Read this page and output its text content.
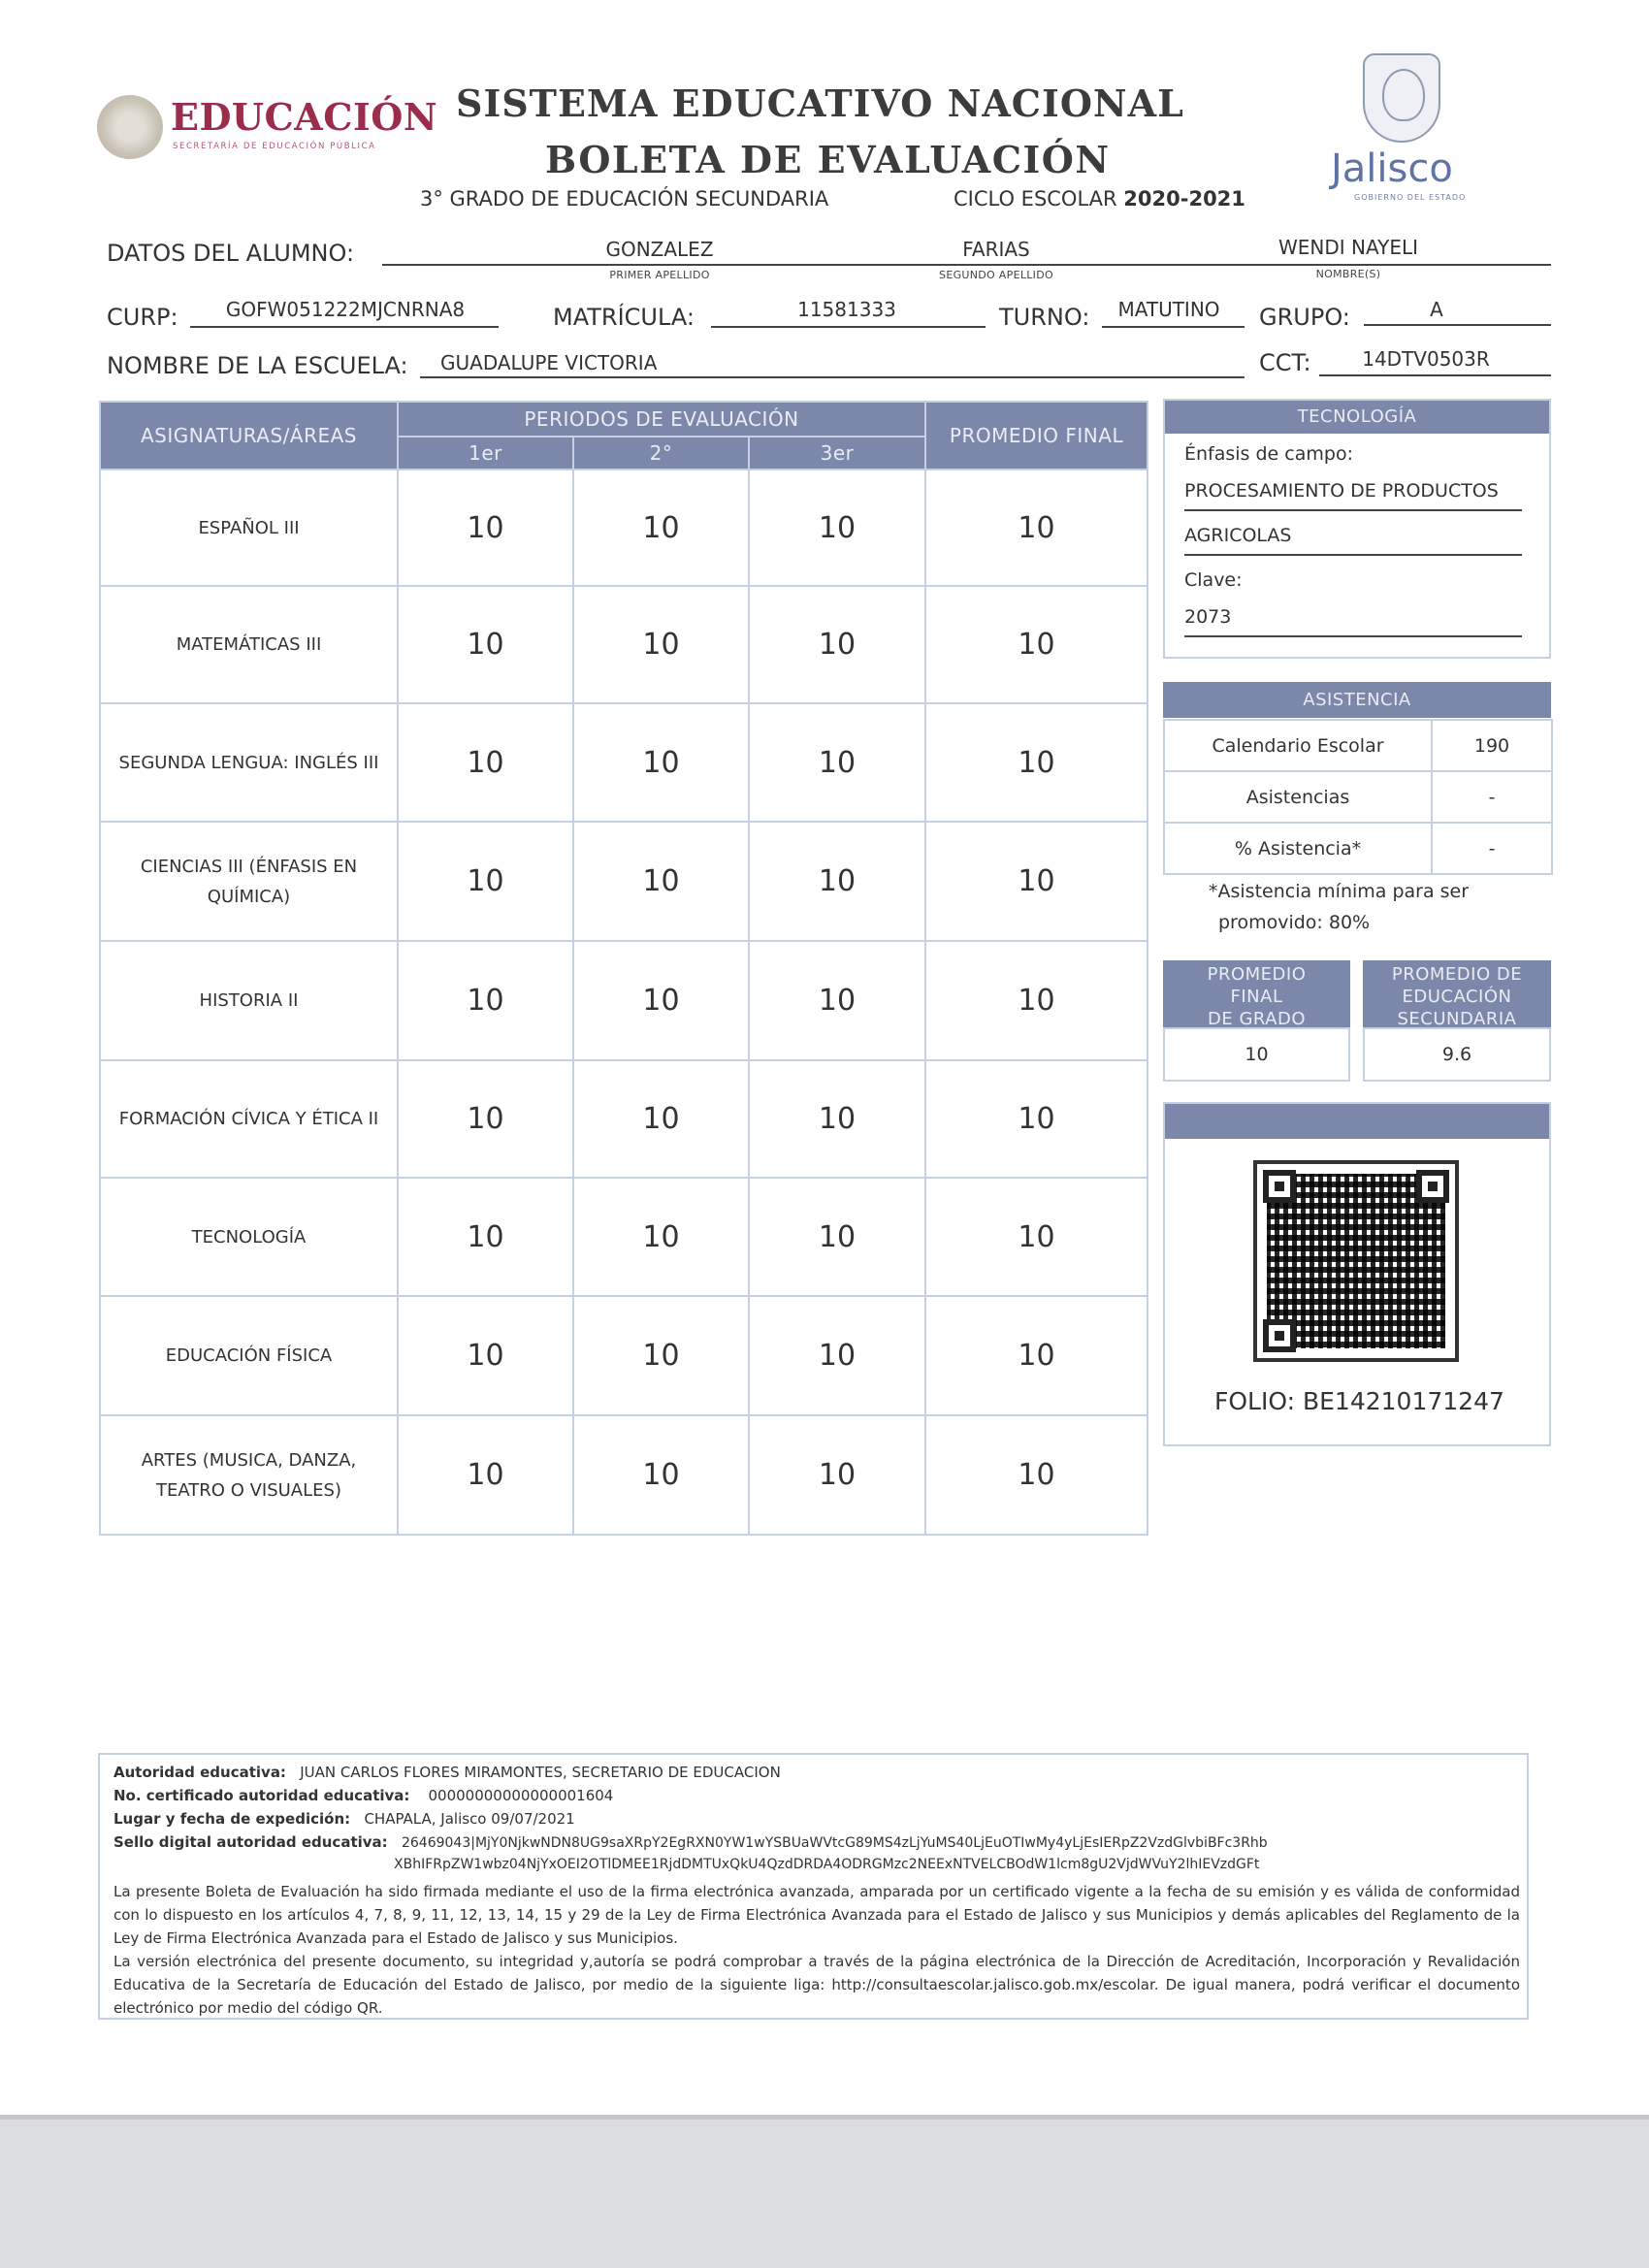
EDUCACIÓN
SECRETARÍA DE EDUCACIÓN PÚBLICA
SISTEMA EDUCATIVO NACIONAL
BOLETA DE EVALUACIÓN
3° GRADO DE EDUCACIÓN SECUNDARIA	CICLO ESCOLAR 2020-2021
Jalisco
GOBIERNO DEL ESTADO
DATOS DEL ALUMNO:	GONZALEZ
PRIMER APELLIDO
FARIAS
SEGUNDO APELLIDO
WENDI NAYELI
NOMBRE(S)
CURP:	GOFW051222MJCNRNA8	MATRÍCULA:	11581333	TURNO:	MATUTINO	GRUPO:	A
NOMBRE DE LA ESCUELA: GUADALUPE VICTORIA	CCT:	14DTV0503R
ASIGNATURAS/ÁREAS	PERIODOS DE EVALUACIÓN			PROMEDIO FINAL
	1er	2°	3er	
ESPAÑOL III	10	10	10	10
MATEMÁTICAS III	10	10	10	10
SEGUNDA LENGUA: INGLÉS III	10	10	10	10
CIENCIAS III (ÉNFASIS EN QUÍMICA)	10	10	10	10
HISTORIA II	10	10	10	10
FORMACIÓN CÍVICA Y ÉTICA II	10	10	10	10
TECNOLOGÍA	10	10	10	10
EDUCACIÓN FÍSICA	10	10	10	10
ARTES (MUSICA, DANZA, TEATRO O VISUALES)	10	10	10	10
TECNOLOGÍA
Énfasis de campo:
PROCESAMIENTO DE PRODUCTOS
AGRICOLAS
Clave:
2073
ASISTENCIA
Calendario Escolar	190
Asistencias	-
% Asistencia*	-
*Asistencia mínima para ser
promovido: 80%
PROMEDIO
FINAL
DE GRADO
10
PROMEDIO DE
EDUCACIÓN
SECUNDARIA
9.6
FOLIO: BE14210171247
Autoridad educativa: JUAN CARLOS FLORES MIRAMONTES, SECRETARIO DE EDUCACION
No. certificado autoridad educativa: 00000000000000001604
Lugar y fecha de expedición: CHAPALA, Jalisco 09/07/2021
Sello digital autoridad educativa: 26469043|MjY0NjkwNDN8UG9saXRpY2EgRXN0YW1wYSBUaWVtcG89MS4zLjYuMS40LjEuOTIwMy4yLjEsIERpZ2VzdGlvbiBFc3Rhb
XBhIFRpZW1wbz04NjYxOEI2OTlDMEE1RjdDMTUxQkU4QzdDRDA4ODRGMzc2NEExNTVELCBOdW1lcm8gU2VjdWVuY2lhIEVzdGFt
La presente Boleta de Evaluación ha sido firmada mediante el uso de la firma electrónica avanzada, amparada por un certificado vigente a la fecha de su emisión y es válida de conformidad con lo dispuesto en los artículos 4, 7, 8, 9, 11, 12, 13, 14, 15 y 29 de la Ley de Firma Electrónica Avanzada para el Estado de Jalisco y sus Municipios y demás aplicables del Reglamento de la Ley de Firma Electrónica Avanzada para el Estado de Jalisco y sus Municipios.
La versión electrónica del presente documento, su integridad y,autoría se podrá comprobar a través de la página electrónica de la Dirección de Acreditación, Incorporación y Revalidación Educativa de la Secretaría de Educación del Estado de Jalisco, por medio de la siguiente liga: http://consultaescolar.jalisco.gob.mx/escolar. De igual manera, podrá verificar el documento electrónico por medio del código QR.
